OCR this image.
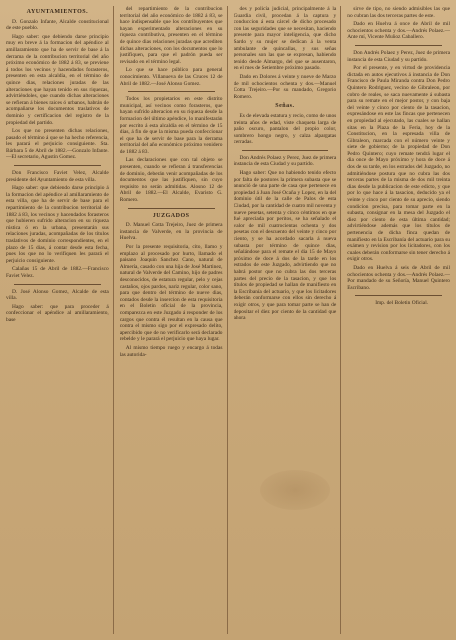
AYUNTAMIENTOS.

D. Gonzalo Infante, Alcalde constitucional de este pueblo.

Hago saber: que debiendo darse principio muy en breve á la formacion del apéndice al amillaramiento que ha de servir de base á la derrama de la contribucion territorial del año próximo económico de 1882 á 83, se previene á todos los vecinos y hacendados forasteros, presenten en esta alcaldía, en el término de quince dias, relaciones juradas de las alteraciones que hayan tenido en sus riquezas, advirtiéndoles, que cuando dichas alteraciones se refieran á bienes raices ó urbanos, habrán de acompañarse los documentos traslativos de dominio y certificacion del registro de la propiedad del partido.

Los que no presenten dichas relaciones, pasado el término á que se ha hecho referencia, les parará el perjuicio consiguiente. Sta. Bárbara 5 de Abril de 1882.—Gonzalo Infante.—El secretario, Agustin Gomez.

Don Francisco Faviet Velez, Alcalde presidente del Ayuntamiento de esta villa.

Hago saber: que debiendo darse principio á la formacion del apéndice al amillaramiento de esta villa, que ha de servir de base para el repartimiento de la contribucion territorial de 1882 á 83, los vecinos y hacendados forasteros que hubieren sufrido alteracion en su riqueza rústica ó en la urbana, presentarán sus relaciones juradas, acompañadas de los títulos traslativos de dominio correspondientes, en el plazo de 15 dias, á contar desde esta fecha, pues los que no lo verifiquen les parará el perjuicio consiguiente.

Calañas 15 de Abril de 1882.—Francisco Faviet Velez.

D. José Alonso Gomez, Alcalde de esta villa.

Hago saber: que para proceder á confeccionar el apéndice al amillaramiento, base

del repartimiento de la contribucion territorial del año económico de 1882 á 83, se hace indispensable que los contribuyentes que hayan experimentado alteraciones en su riqueza contributiva, presenten en el término de quince dias relaciones juradas que acrediten dichas alteraciones, con los documentos que lo justifiquen, para que el padrón pueda ser revisado en el término legal.

Lo que se hace público para general conocimiento. Villanueva de las Cruces 12 de Abril de 1882.—José Alonso Gomez.

Todos los propietarios en este distrito municipal, así vecinos como forasteros, que hayan sufrido alteracion en su riqueza desde la formacion del último apéndice, lo manifestarán por escrito á esta alcaldía en el término de 15 dias, á fin de que la misma pueda confeccionar el que ha de servir de base para la derrama territorial del año económico próximo venidero de 1882 á 83.

Las declaraciones que con tal objeto se presenten, cuando se refieran á transferencias de dominio, deberán venir acompañadas de los documentos que las justifiquen, sin cuyo requisito no serán admitidas. Alosno 12 de Abril de 1882.—El Alcalde, Evaristo G. Romero.

JUZGADOS

D. Manuel Cotta Trejeiro, Juez de primera instancia de Valverde, en la provincia de Huelva.

Por la presente requisitoria, cito, llamo y emplazo al procesado por hurto, llamado el paisano Joaquin Sanchez Cano, natural de Almería, casado con una hija de José Martinez, natural de Valverde del Camino, hijo de padres desconocidos, de estatura regular, pelo y cejas castaños, ojos pardos, nariz regular, color sano, para que dentro del término de nueve dias, contados desde la insercion de esta requisitoria en el Boletin oficial de la provincia, comparezca en este Juzgado á responder de los cargos que contra él resultan en la causa que contra el mismo sigo por el expresado delito, apercibido que de no verificarlo será declarado rebelde y le parará el perjuicio que haya lugar.

Al mismo tiempo ruego y encargo á todas las autorida-

des y policía judicial, principalmente á la Guardia civil, procedan á la captura y conduccion á esta cárcel de dicho procesado con las seguridades que se necesitan, haciendo presente para mayor inteligencia, que dicho Sardo y su mujer se dedican á la venta ambulante de quincallas, y sus señas personales son las que se expresan, habiendo tenido desde Almargo, del que se ausentaron, en el mes de Setiembre próximo pasado.

Dado en Dolores á veinte y nueve de Marzo de mil ochocientos ochenta y dos.—Manuel Cotta Trejeiro.—Por su mandado, Gregorio Romero.

Señas.

Es de elevada estatura y recio, como de unos treinta años de edad, viste chaqueta larga de paño oscuro, pantalon del propio color, sombrero hongo negro, y calza alpargatas cerradas.

Don Andrés Polaez y Perez, Juez de primera instancia de esta Ciudad y su partido.

Hago saber: Que no habiendo tenido efecto por falta de postores la primera subasta que se anunció de una parte de casa que pertenece en propiedad á Juan José Ocaña y Lopez, en la del dominio útil de la calle de Palos de esta Ciudad, por la cantidad de cuatro mil noventa y nueve pesetas, setenta y cinco céntimos en que fué apreciada por peritos, se ha señalado el valor de mil cuatrocientas ochenta y dos pesetas con el descuento del veinte y cinco por ciento, y se ha acordado sacarla á nueva subasta por término de quince dias, señalándose para el remate el dia 15 de Mayo próximo de doce á dos de la tarde en los estrados de este Juzgado, advirtiendo que no habrá postor que no cubra las dos terceras partes del precio de la tasacion, y que los títulos de propiedad se hallan de manifiesto en la Escribanía del actuario, y que los licitadores deberán conformarse con ellos sin derecho á exigir otros, y que para tomar parte se han de depositar el diez por ciento de la cantidad que ahora

sirve de tipo, no siendo admisibles las que no cubran las dos terceras partes de este.

Dado en Huelva á once de Abril de mil ochocientos ochenta y dos.—Andrés Polaez.—Ante mí, Vicente Muñoz Caballero.

Don Andrés Polaez y Perez, Juez de primera instancia de esta Ciudad y su partido.

Por el presente, y en virtud de providencia dictada en autos ejecutivos á instancia de Don Francisco de Paula Miranda contra Don Pedro Quintero Rodriguez, vecino de Gibraleon, por cobro de reales, se saca nuevamente á subasta para su remate en el mejor postor, y con baja del veinte y cinco por ciento de la tasacion, expresándose en este las fincas que pertenecen en propiedad al ejecutado, las cuales se hallan sitas en la Plaza de la Feria, hoy de la Constitucion, en la espresada villa de Gibraleon, marcada con el número veinte y siete de gobierno; de la propiedad de Don Pedro Quintero; cuyo remate tendrá lugar el dia once de Mayo próximo y hora de doce á dos de su tarde, en los estrados del Juzgado, no admitiéndose postura que no cubra las dos terceras partes de la misma de dos mil treinta dias desde la publicacion de este edicto, y que por lo que hace á la tasacion, deducido ya el veinte y cinco por ciento de su aprecio, siendo condicion precisa, para tomar parte en la subasta, consignar en la mesa del Juzgado el diez por ciento de esta última cantidad; advirtiéndose además que los títulos de pertenencia de dicha finca quedan de manifiesto en la Escribanía del actuario para su exámen y revision por los licitadores, con los cuales deberán conformarse sin tener derecho á exigir otros.

Dado en Huelva á seis de Abril de mil ochocientos ochenta y dos.—Andrés Polaez.—Por mandado de su Señoría, Manuel Quintero Escribano.

Imp. del Boletin Oficial.
